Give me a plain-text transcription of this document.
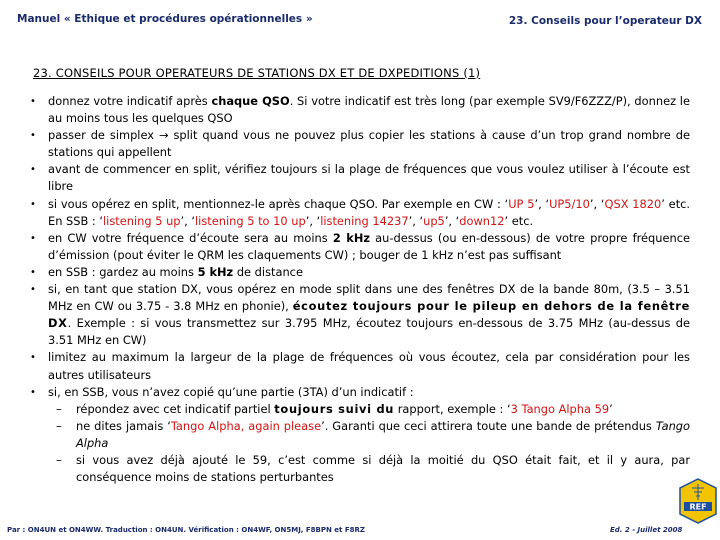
Manuel « Ethique et procédures opérationnelles »	23. Conseils pour l’operateur DX
23. CONSEILS POUR OPERATEURS DE STATIONS DX ET DE DXPEDITIONS (1)
• donnez votre indicatif après chaque QSO. Si votre indicatif est très long (par exemple SV9/F6ZZZ/P), donnez le au moins tous les quelques QSO
• passer de simplex → split quand vous ne pouvez plus copier les stations à cause d’un trop grand nombre de stations qui appellent
• avant de commencer en split, vérifiez toujours si la plage de fréquences que vous voulez utiliser à l’écoute est libre
• si vous opérez en split, mentionnez-le après chaque QSO. Par exemple en CW : ‘UP 5’, ‘UP5/10’, ‘QSX 1820’ etc. En SSB : ‘listening 5 up’, ‘listening 5 to 10 up’, ‘listening 14237’, ‘up5’, ‘down12’ etc.
• en CW votre fréquence d’écoute sera au moins 2 kHz au-dessus (ou en-dessous) de votre propre fréquence d’émission (pout éviter le QRM les claquements CW) ; bouger de 1 kHz n’est pas suffisant
• en SSB : gardez au moins 5 kHz de distance
• si, en tant que station DX, vous opérez en mode split dans une des fenêtres DX de la bande 80m, (3.5 – 3.51 MHz en CW ou 3.75 - 3.8 MHz en phonie), écoutez toujours pour le pileup en dehors de la fenêtre DX. Exemple : si vous transmettez sur 3.795 MHz, écoutez toujours en-dessous de 3.75 MHz (au-dessus de 3.51 MHz en CW)
• limitez au maximum la largeur de la plage de fréquences où vous écoutez, cela par considération pour les autres utilisateurs
• si, en SSB, vous n’avez copié qu’une partie (3TA) d’un indicatif :
– répondez avec cet indicatif partiel toujours suivi du rapport, exemple : ‘3 Tango Alpha 59’
– ne dites jamais ‘Tango Alpha, again please’. Garanti que ceci attirera toute une bande de prétendus Tango Alpha
– si vous avez déjà ajouté le 59, c’est comme si déjà la moitié du QSO était fait, et il y aura, par conséquence moins de stations perturbantes
Par : ON4UN et ON4WW. Traduction : ON4UN. Vérification : ON4WF, ON5MJ, F8BPN et F8RZ	Ed. 2 - Juillet 2008
REF
